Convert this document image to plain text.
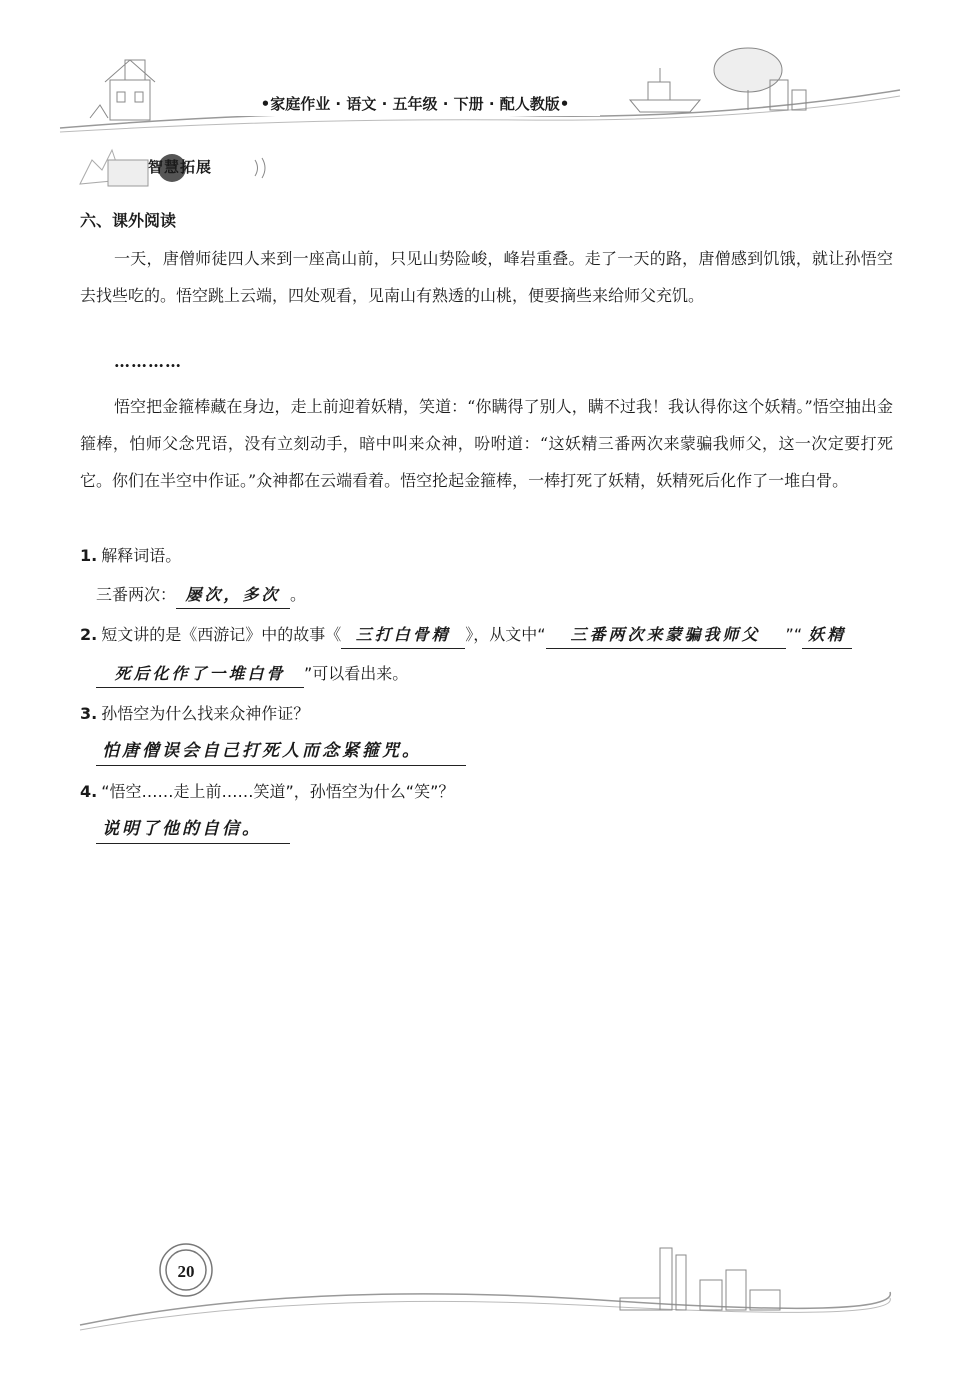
•家庭作业 · 语文 · 五年级 · 下册 · 配人教版•
智慧拓展
六、课外阅读

一天，唐僧师徒四人来到一座高山前，只见山势险峻，峰岩重叠。走了一天的路，唐僧感到饥饿，就让孙悟空去找些吃的。悟空跳上云端，四处观看，见南山有熟透的山桃，便要摘些来给师父充饥。

…………

悟空把金箍棒藏在身边，走上前迎着妖精，笑道：“你瞒得了别人，瞒不过我！我认得你这个妖精。”悟空抽出金箍棒，怕师父念咒语，没有立刻动手，暗中叫来众神，吩咐道：“这妖精三番两次来蒙骗我师父，这一次定要打死它。你们在半空中作证。”众神都在云端看着。悟空抡起金箍棒，一棒打死了妖精，妖精死后化作了一堆白骨。

1. 解释词语。
三番两次： 屡次，多次 。
2. 短文讲的是《西游记》中的故事《 三打白骨精 》，从文中“ 三番两次来蒙骗我师父 ”“ 妖精
死后化作了一堆白骨 ”可以看出来。
3. 孙悟空为什么找来众神作证？
怕唐僧误会自己打死人而念紧箍咒。
4. “悟空……走上前……笑道”，孙悟空为什么“笑”？
说明了他的自信。
20
